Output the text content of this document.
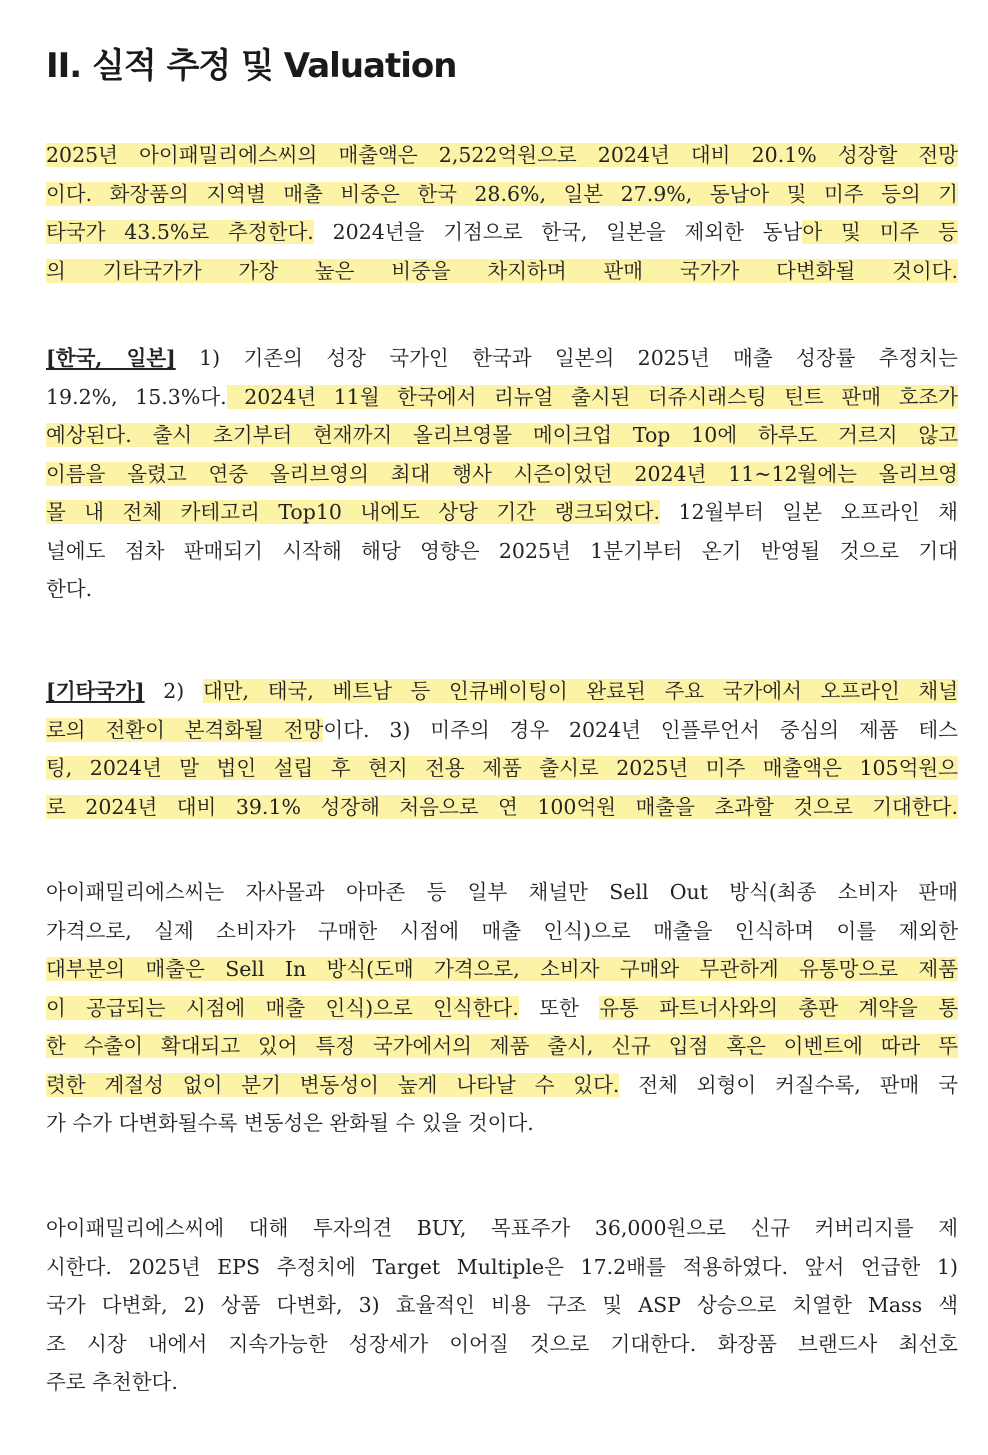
II. 실적 추정 및 Valuation
2025년 아이패밀리에스씨의 매출액은 2,522억원으로 2024년 대비 20.1% 성장할 전망
이다. 화장품의 지역별 매출 비중은 한국 28.6%, 일본 27.9%, 동남아 및 미주 등의 기
타국가 43.5%로 추정한다. 2024년을 기점으로 한국, 일본을 제외한 동남아 및 미주 등
의 기타국가가 가장 높은 비중을 차지하며 판매 국가가 다변화될 것이다.
[한국, 일본] 1) 기존의 성장 국가인 한국과 일본의 2025년 매출 성장률 추정치는
19.2%, 15.3%다. 2024년 11월 한국에서 리뉴얼 출시된 더쥬시래스팅 틴트 판매 호조가
예상된다. 출시 초기부터 현재까지 올리브영몰 메이크업 Top 10에 하루도 거르지 않고
이름을 올렸고 연중 올리브영의 최대 행사 시즌이었던 2024년 11~12월에는 올리브영
몰 내 전체 카테고리 Top10 내에도 상당 기간 랭크되었다. 12월부터 일본 오프라인 채
널에도 점차 판매되기 시작해 해당 영향은 2025년 1분기부터 온기 반영될 것으로 기대
한다.
[기타국가] 2) 대만, 태국, 베트남 등 인큐베이팅이 완료된 주요 국가에서 오프라인 채널
로의 전환이 본격화될 전망이다. 3) 미주의 경우 2024년 인플루언서 중심의 제품 테스
팅, 2024년 말 법인 설립 후 현지 전용 제품 출시로 2025년 미주 매출액은 105억원으
로 2024년 대비 39.1% 성장해 처음으로 연 100억원 매출을 초과할 것으로 기대한다.
아이패밀리에스씨는 자사몰과 아마존 등 일부 채널만 Sell Out 방식(최종 소비자 판매
가격으로, 실제 소비자가 구매한 시점에 매출 인식)으로 매출을 인식하며 이를 제외한
대부분의 매출은 Sell In 방식(도매 가격으로, 소비자 구매와 무관하게 유통망으로 제품
이 공급되는 시점에 매출 인식)으로 인식한다. 또한 유통 파트너사와의 총판 계약을 통
한 수출이 확대되고 있어 특정 국가에서의 제품 출시, 신규 입점 혹은 이벤트에 따라 뚜
렷한 계절성 없이 분기 변동성이 높게 나타날 수 있다. 전체 외형이 커질수록, 판매 국
가 수가 다변화될수록 변동성은 완화될 수 있을 것이다.
아이패밀리에스씨에 대해 투자의견 BUY, 목표주가 36,000원으로 신규 커버리지를 제
시한다. 2025년 EPS 추정치에 Target Multiple은 17.2배를 적용하였다. 앞서 언급한 1)
국가 다변화, 2) 상품 다변화, 3) 효율적인 비용 구조 및 ASP 상승으로 치열한 Mass 색
조 시장 내에서 지속가능한 성장세가 이어질 것으로 기대한다. 화장품 브랜드사 최선호
주로 추천한다.
